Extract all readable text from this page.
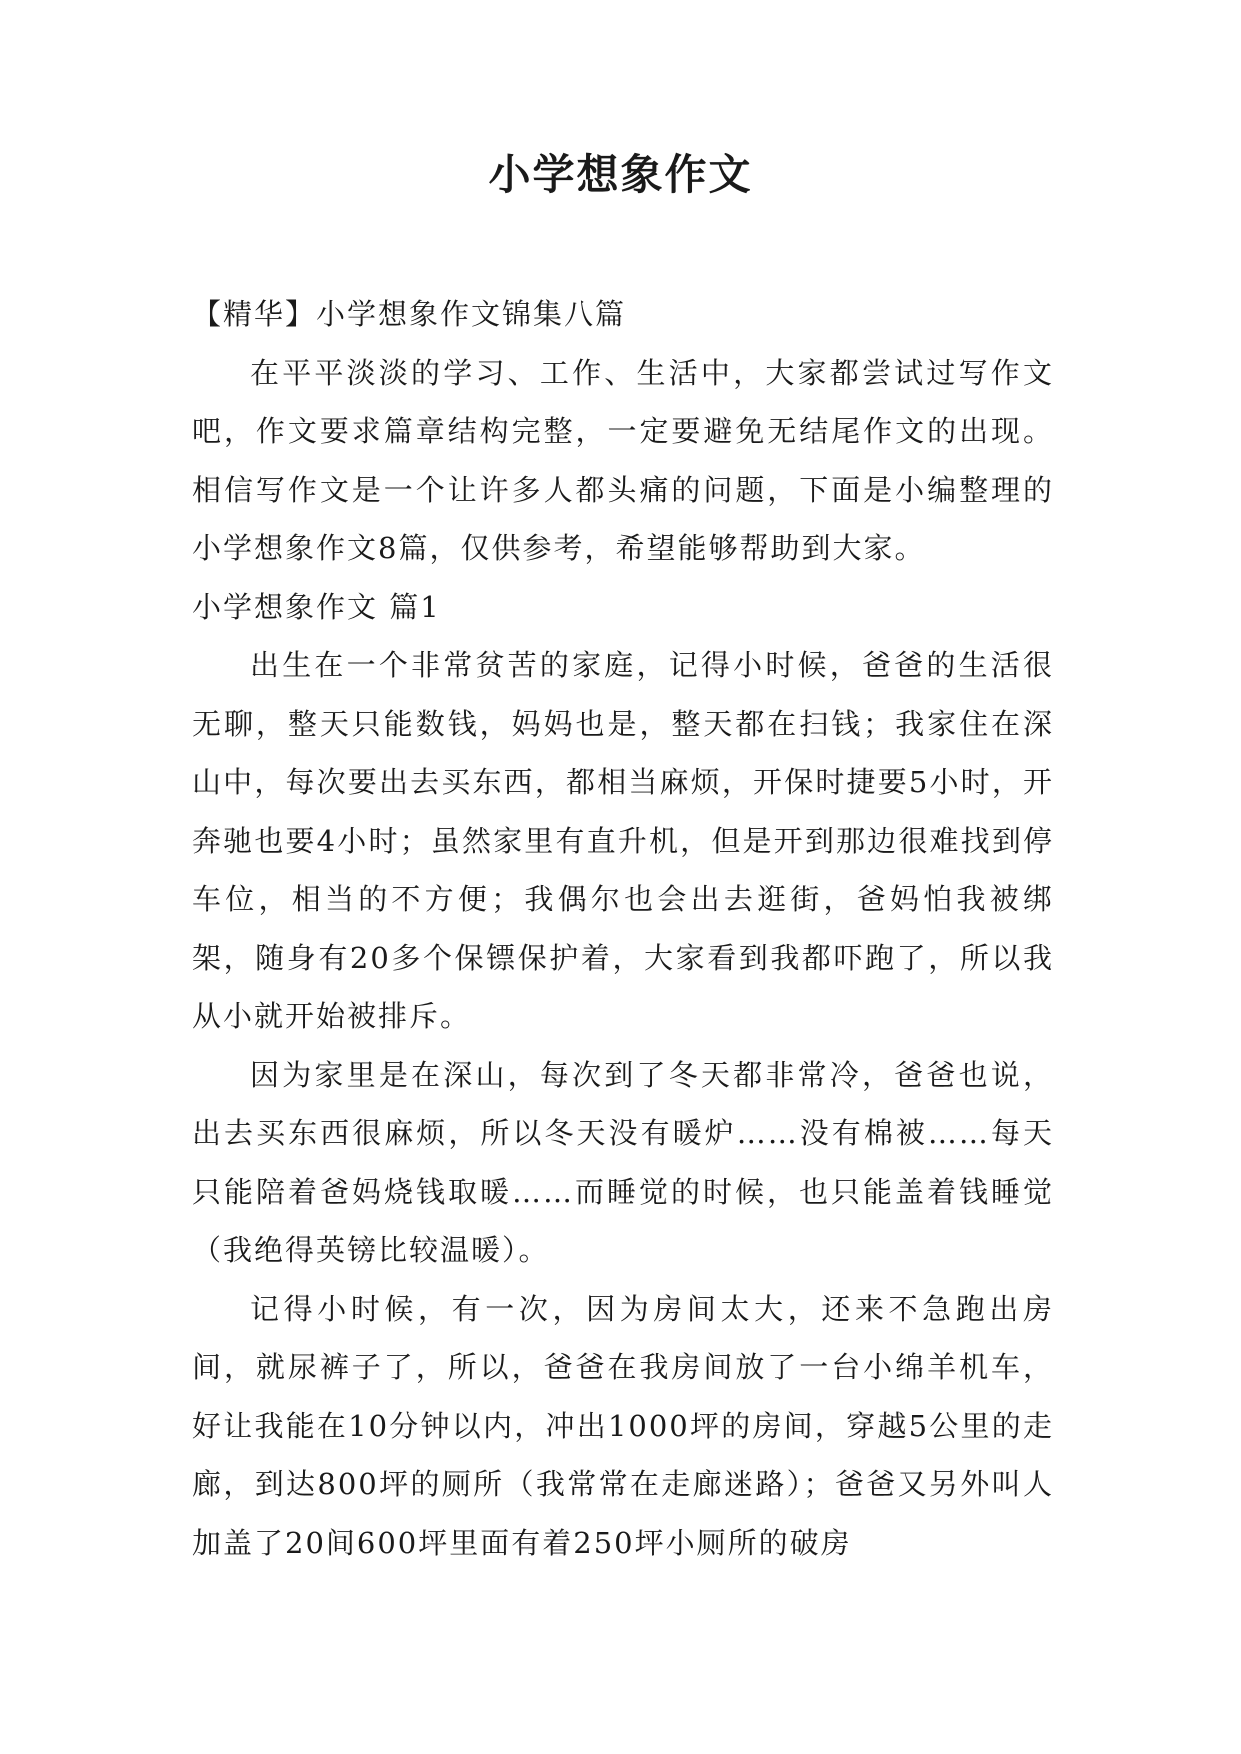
小学想象作文

【精华】小学想象作文锦集八篇

在平平淡淡的学习、工作、生活中，大家都尝试过写作文吧，作文要求篇章结构完整，一定要避免无结尾作文的出现。相信写作文是一个让许多人都头痛的问题，下面是小编整理的小学想象作文8篇，仅供参考，希望能够帮助到大家。

小学想象作文 篇1

出生在一个非常贫苦的家庭，记得小时候，爸爸的生活很无聊，整天只能数钱，妈妈也是，整天都在扫钱；我家住在深山中，每次要出去买东西，都相当麻烦，开保时捷要5小时，开奔驰也要4小时；虽然家里有直升机，但是开到那边很难找到停车位，相当的不方便；我偶尔也会出去逛街，爸妈怕我被绑架，随身有20多个保镖保护着，大家看到我都吓跑了，所以我从小就开始被排斥。

因为家里是在深山，每次到了冬天都非常冷，爸爸也说，出去买东西很麻烦，所以冬天没有暖炉……没有棉被……每天只能陪着爸妈烧钱取暖……而睡觉的时候，也只能盖着钱睡觉（我绝得英镑比较温暖）。

记得小时候，有一次，因为房间太大，还来不急跑出房间，就尿裤子了，所以，爸爸在我房间放了一台小绵羊机车，好让我能在10分钟以内，冲出1000坪的房间，穿越5公里的走廊，到达800坪的厕所（我常常在走廊迷路）；爸爸又另外叫人加盖了20间600坪里面有着250坪小厕所的破房
